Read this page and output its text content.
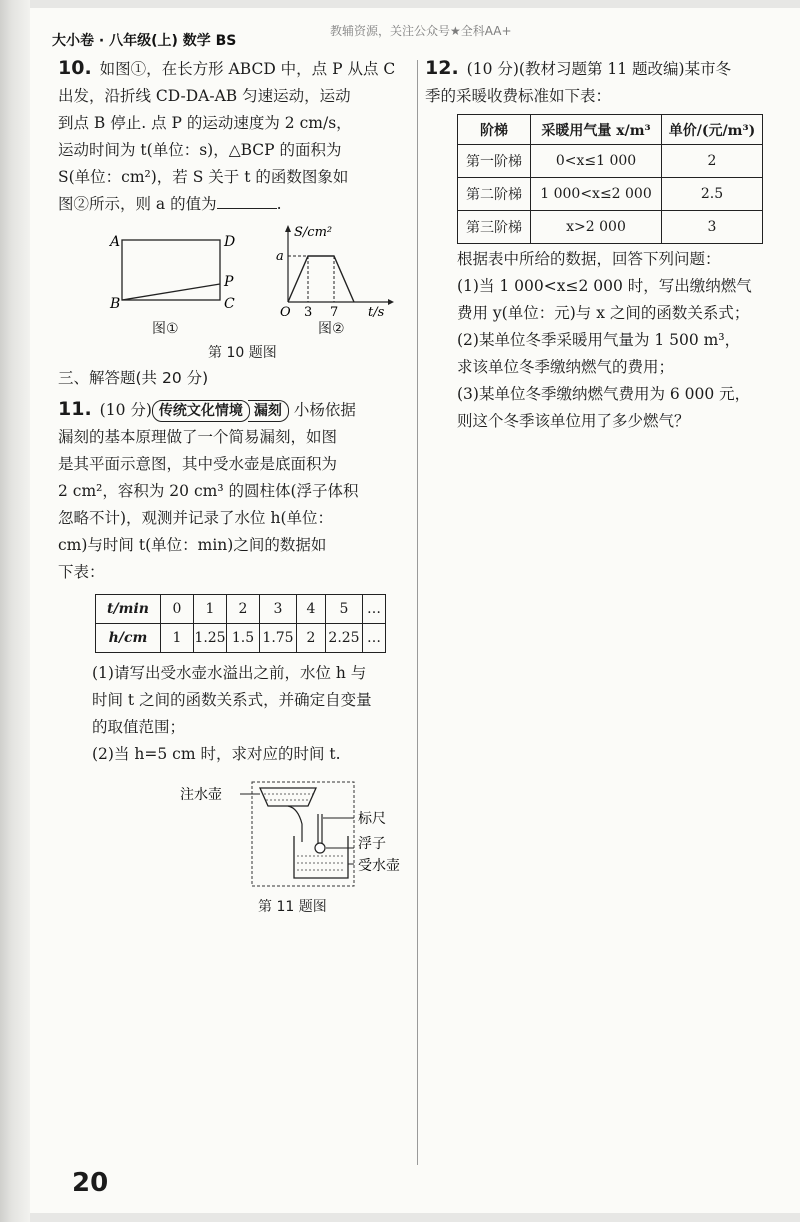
大小卷 · 八年级(上) 数学 BS
教辅资源，关注公众号★全科AA+
10. 如图①，在长方形 ABCD 中，点 P 从点 C
出发，沿折线 CD-DA-AB 匀速运动，运动
到点 B 停止. 点 P 的运动速度为 2 cm/s，
运动时间为 t(单位：s)，△BCP 的面积为
S(单位：cm²)，若 S 关于 t 的函数图象如
图②所示，则 a 的值为	.
A	D
B	C
P
图①
S/cm²
a
O 3 7 t/s
图②
第 10 题图
三、解答题(共 20 分)
11. (10 分) 传统文化情境 漏刻 小杨依据
漏刻的基本原理做了一个简易漏刻，如图
是其平面示意图，其中受水壶是底面积为
2 cm²，容积为 20 cm³ 的圆柱体(浮子体积
忽略不计)，观测并记录了水位 h(单位：
cm)与时间 t(单位：min)之间的数据如
下表：
t/min	0	1	2	3	4	5	…
h/cm	1	1.25	1.5	1.75	2	2.25	…
(1)请写出受水壶水溢出之前，水位 h 与
时间 t 之间的函数关系式，并确定自变量
的取值范围；
(2)当 h=5 cm 时，求对应的时间 t.
注水壶
标尺
浮子
受水壶
第 11 题图
12. (10 分)(教材习题第 11 题改编)某市冬
季的采暖收费标准如下表：
阶梯	采暖用气量 x/m³	单价/(元/m³)
第一阶梯	0<x≤1 000	2
第二阶梯	1 000<x≤2 000	2.5
第三阶梯	x>2 000	3
根据表中所给的数据，回答下列问题：
(1)当 1 000<x≤2 000 时，写出缴纳燃气
费用 y(单位：元)与 x 之间的函数关系式；
(2)某单位冬季采暖用气量为 1 500 m³，
求该单位冬季缴纳燃气的费用；
(3)某单位冬季缴纳燃气费用为 6 000 元，
则这个冬季该单位用了多少燃气？
20
